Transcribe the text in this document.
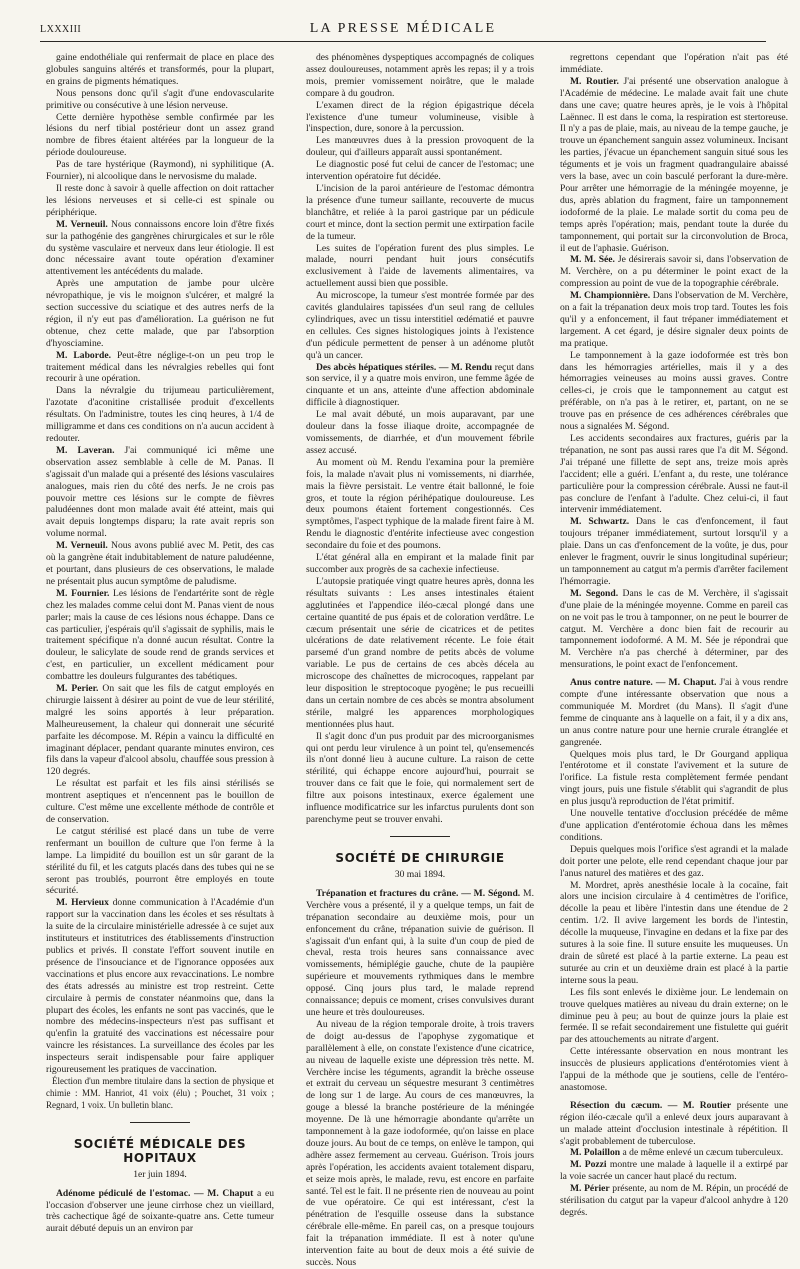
LXXXIII	LA PRESSE MÉDICALE

gaine endothéliale qui renfermait de place en place des globules sanguins altérés et transformés, pour la plupart, en grains de pigments hématiques.

Nous pensons donc qu'il s'agit d'une endovascularite primitive ou consécutive à une lésion nerveuse.

Cette dernière hypothèse semble confirmée par les lésions du nerf tibial postérieur dont un assez grand nombre de fibres étaient altérées par la longueur de la période douloureuse.

Pas de tare hystérique (Raymond), ni syphilitique (A. Fournier), ni alcoolique dans le nervosisme du malade.

Il reste donc à savoir à quelle affection on doit rattacher les lésions nerveuses et si celle-ci est spinale ou périphérique.

M. Verneuil. Nous connaissons encore loin d'être fixés sur la pathogénie des gangrènes chirurgicales et sur le rôle du système vasculaire et nerveux dans leur étiologie. Il est donc nécessaire avant toute opération d'examiner attentivement les antécédents du malade.

Après une amputation de jambe pour ulcère névropathique, je vis le moignon s'ulcérer, et malgré la section successive du sciatique et des autres nerfs de la région, il n'y eut pas d'amélioration. La guérison ne fut obtenue, chez cette malade, que par l'absorption d'hyosciamine.

M. Laborde. Peut-être néglige-t-on un peu trop le traitement médical dans les névralgies rebelles qui font recourir à une opération.

Dans la névralgie du trijumeau particulièrement, l'azotate d'aconitine cristallisée produit d'excellents résultats. On l'administre, toutes les cinq heures, à 1/4 de milligramme et dans ces conditions on n'a aucun accident à redouter.

M. Laveran. J'ai communiqué ici même une observation assez semblable à celle de M. Panas. Il s'agissait d'un malade qui a présenté des lésions vasculaires analogues, mais rien du côté des nerfs. Je ne crois pas pouvoir mettre ces lésions sur le compte de fièvres paludéennes dont mon malade avait été atteint, mais qui avait depuis longtemps disparu; la rate avait repris son volume normal.

M. Verneuil. Nous avons publié avec M. Petit, des cas où la gangrène était indubitablement de nature paludéenne, et pourtant, dans plusieurs de ces observations, le malade ne présentait plus aucun symptôme de paludisme.

M. Fournier. Les lésions de l'endartérite sont de règle chez les malades comme celui dont M. Panas vient de nous parler; mais la cause de ces lésions nous échappe. Dans ce cas particulier, j'espérais qu'il s'agissait de syphilis, mais le traitement spécifique n'a donné aucun résultat. Contre la douleur, le salicylate de soude rend de grands services et c'est, en particulier, un excellent médicament pour combattre les douleurs fulgurantes des tabétiques.

M. Perier. On sait que les fils de catgut employés en chirurgie laissent à désirer au point de vue de leur stérilité, malgré les soins apportés à leur préparation. Malheureusement, la chaleur qui donnerait une sécurité parfaite les décompose. M. Répin a vaincu la difficulté en imaginant déplacer, pendant quarante minutes environ, ces fils dans la vapeur d'alcool absolu, chauffée sous pression à 120 degrés.

Le résultat est parfait et les fils ainsi stérilisés se montrent aseptiques et n'encennent pas le bouillon de culture. C'est même une excellente méthode de contrôle et de conservation.

Le catgut stérilisé est placé dans un tube de verre renfermant un bouillon de culture que l'on ferme à la lampe. La limpidité du bouillon est un sûr garant de la stérilité du fil, et les catguts placés dans des tubes qui ne se seront pas troublés, pourront être employés en toute sécurité.

M. Hervieux donne communication à l'Académie d'un rapport sur la vaccination dans les écoles et ses résultats à la suite de la circulaire ministérielle adressée à ce sujet aux instituteurs et institutrices des établissements d'instruction publics et privés. Il constate l'effort souvent inutile en présence de l'insouciance et de l'ignorance opposées aux vaccinations et plus encore aux revaccinations. Le nombre des états adressés au ministre est trop restreint. Cette circulaire à permis de constater néanmoins que, dans la plupart des écoles, les enfants ne sont pas vaccinés, que le nombre des médecins-inspecteurs n'est pas suffisant et qu'enfin la gratuité des vaccinations est nécessaire pour vaincre les résistances. La surveillance des écoles par les inspecteurs serait indispensable pour faire appliquer rigoureusement les pratiques de vaccination.

Élection d'un membre titulaire dans la section de physique et chimie : MM. Hanriot, 41 voix (élu) ; Pouchet, 31 voix ; Regnard, 1 voix. Un bulletin blanc.

SOCIÉTÉ MÉDICALE DES HOPITAUX
1er juin 1894.

Adénome pédiculé de l'estomac. — M. Chaput a eu l'occasion d'observer une jeune cirrhose chez un vieillard, très cachectique âgé de soixante-quatre ans. Cette tumeur aurait débuté depuis un an environ par

des phénomènes dyspeptiques accompagnés de coliques assez douloureuses, notamment après les repas; il y a trois mois, premier vomissement noirâtre, que le malade compare à du goudron.

L'examen direct de la région épigastrique décela l'existence d'une tumeur volumineuse, visible à l'inspection, dure, sonore à la percussion.

Les manœuvres dues à la pression provoquent de la douleur, qui d'ailleurs apparaît aussi spontanément.

Le diagnostic posé fut celui de cancer de l'estomac; une intervention opératoire fut décidée.

L'incision de la paroi antérieure de l'estomac démontra la présence d'une tumeur saillante, recouverte de mucus blanchâtre, et reliée à la paroi gastrique par un pédicule court et mince, dont la section permit une extirpation facile de la tumeur.

Les suites de l'opération furent des plus simples. Le malade, nourri pendant huit jours consécutifs exclusivement à l'aide de lavements alimentaires, va actuellement aussi bien que possible.

Au microscope, la tumeur s'est montrée formée par des cavités glandulaires tapissées d'un seul rang de cellules cylindriques, avec un tissu interstitiel œdématié et pauvre en cellules. Ces signes histologiques joints à l'existence d'un pédicule permettent de penser à un adénome plutôt qu'à un cancer.

Des abcès hépatiques stériles. — M. Rendu reçut dans son service, il y a quatre mois environ, une femme âgée de cinquante et un ans, atteinte d'une affection abdominale difficile à diagnostiquer.

Le mal avait débuté, un mois auparavant, par une douleur dans la fosse iliaque droite, accompagnée de vomissements, de diarrhée, et d'un mouvement fébrile assez accusé.

Au moment où M. Rendu l'examina pour la première fois, la malade n'avait plus ni vomissements, ni diarrhée, mais la fièvre persistait. Le ventre était ballonné, le foie gros, et toute la région périhépatique douloureuse. Les deux poumons étaient fortement congestionnés. Ces symptômes, l'aspect typhique de la malade firent faire à M. Rendu le diagnostic d'entérite infectieuse avec congestion secondaire du foie et des poumons.

L'état général alla en empirant et la malade finit par succomber aux progrès de sa cachexie infectieuse.

L'autopsie pratiquée vingt quatre heures après, donna les résultats suivants : Les anses intestinales étaient agglutinées et l'appendice iléo-cæcal plongé dans une certaine quantité de pus épais et de coloration verdâtre. Le cæcum présentait une série de cicatrices et de petites ulcérations de date relativement récente. Le foie était parsemé d'un grand nombre de petits abcès de volume variable. Le pus de certains de ces abcès décela au microscope des chaînettes de microcoques, rappelant par leur disposition le streptocoque pyogène; le pus recueilli dans un certain nombre de ces abcès se montra absolument stérile, malgré les apparences morphologiques mentionnées plus haut.

Il s'agit donc d'un pus produit par des microorganismes qui ont perdu leur virulence à un point tel, qu'ensemencés ils n'ont donné lieu à aucune culture. La raison de cette stérilité, qui échappe encore aujourd'hui, pourrait se trouver dans ce fait que le foie, qui normalement sert de filtre aux poisons intestinaux, exerce également une influence modificatrice sur les infarctus purulents dont son parenchyme peut se trouver envahi.

SOCIÉTÉ DE CHIRURGIE
30 mai 1894.

Trépanation et fractures du crâne. — M. Ségond. M. Verchère vous a présenté, il y a quelque temps, un fait de trépanation secondaire au deuxième mois, pour un enfoncement du crâne, trépanation suivie de guérison. Il s'agissait d'un enfant qui, à la suite d'un coup de pied de cheval, resta trois heures sans connaissance avec vomissements, hémiplégie gauche, chute de la paupière supérieure et mouvements rythmiques dans le membre opposé. Cinq jours plus tard, le malade reprend connaissance; depuis ce moment, crises convulsives durant une heure et très douloureuses.

Au niveau de la région temporale droite, à trois travers de doigt au-dessus de l'apophyse zygomatique et parallèlement à elle, on constate l'existence d'une cicatrice, au niveau de laquelle existe une dépression très nette. M. Verchère incise les téguments, agrandit la brèche osseuse et extrait du cerveau un séquestre mesurant 3 centimètres de long sur 1 de large. Au cours de ces manœuvres, la gouge a blessé la branche postérieure de la méningée moyenne. De là une hémorragie abondante qu'arrête un tamponnement à la gaze iodoformée, qu'on laisse en place douze jours. Au bout de ce temps, on enlève le tampon, qui adhère assez fermement au cerveau. Guérison. Trois jours après l'opération, les accidents avaient totalement disparu, et seize mois après, le malade, revu, est encore en parfaite santé. Tel est le fait. Il ne présente rien de nouveau au point de vue opératoire. Ce qui est intéressant, c'est la pénétration de l'esquille osseuse dans la substance cérébrale elle-même. En pareil cas, on a presque toujours fait la trépanation immédiate. Il est à noter qu'une intervention faite au bout de deux mois a été suivie de succès. Nous

regrettons cependant que l'opération n'ait pas été immédiate.

M. Routier. J'ai présenté une observation analogue à l'Académie de médecine. Le malade avait fait une chute dans une cave; quatre heures après, je le vois à l'hôpital Laënnec. Il est dans le coma, la respiration est stertoreuse. Il n'y a pas de plaie, mais, au niveau de la tempe gauche, je trouve un épanchement sanguin assez volumineux. Incisant les parties, j'évacue un épanchement sanguin situé sous les téguments et je vois un fragment quadrangulaire abaissé vers la base, avec un coin basculé perforant la dure-mère. Pour arrêter une hémorragie de la méningée moyenne, je dus, après ablation du fragment, faire un tamponnement iodoformé de la plaie. Le malade sortit du coma peu de temps après l'opération; mais, pendant toute la durée du tamponnement, qui portait sur la circonvolution de Broca, il eut de l'aphasie. Guérison.

M. M. Sée. Je désirerais savoir si, dans l'observation de M. Verchère, on a pu déterminer le point exact de la compression au point de vue de la topographie cérébrale.

M. Championnière. Dans l'observation de M. Verchère, on a fait la trépanation deux mois trop tard. Toutes les fois qu'il y a enfoncement, il faut trépaner immédiatement et largement. A cet égard, je désire signaler deux points de ma pratique.

Le tamponnement à la gaze iodoformée est très bon dans les hémorragies artérielles, mais il y a des hémorragies veineuses au moins aussi graves. Contre celles-ci, je crois que le tamponnement au catgut est préférable, on n'a pas à le retirer, et, partant, on ne se trouve pas en présence de ces adhérences cérébrales que nous a signalées M. Ségond.

Les accidents secondaires aux fractures, guéris par la trépanation, ne sont pas aussi rares que l'a dit M. Ségond. J'ai trépané une fillette de sept ans, treize mois après l'accident; elle a guéri. L'enfant a, du reste, une tolérance particulière pour la compression cérébrale. Aussi ne faut-il pas conclure de l'enfant à l'adulte. Chez celui-ci, il faut intervenir immédiatement.

M. Schwartz. Dans le cas d'enfoncement, il faut toujours trépaner immédiatement, surtout lorsqu'il y a plaie. Dans un cas d'enfoncement de la voûte, je dus, pour enlever le fragment, ouvrir le sinus longitudinal supérieur; un tamponnement au catgut m'a permis d'arrêter facilement l'hémorragie.

M. Segond. Dans le cas de M. Verchère, il s'agissait d'une plaie de la méningée moyenne. Comme en pareil cas on ne voit pas le trou à tamponner, on ne peut le bourrer de catgut. M. Verchère a donc bien fait de recourir au tamponnement iodoformé. A M. M. Sée je répondrai que M. Verchère n'a pas cherché à déterminer, par des mensurations, le point exact de l'enfoncement.

Anus contre nature. — M. Chaput. J'ai à vous rendre compte d'une intéressante observation que nous a communiquée M. Mordret (du Mans). Il s'agit d'une femme de cinquante ans à laquelle on a fait, il y a dix ans, un anus contre nature pour une hernie crurale étranglée et gangrenée.

Quelques mois plus tard, le Dr Gourgand appliqua l'entérotome et il constate l'avivement et la suture de l'orifice. La fistule resta complètement fermée pendant vingt jours, puis une fistule s'établit qui s'agrandit de plus en plus jusqu'à reproduction de l'état primitif.

Une nouvelle tentative d'occlusion précédée de même d'une application d'entérotomie échoua dans les mêmes conditions.

Depuis quelques mois l'orifice s'est agrandi et la malade doit porter une pelote, elle rend cependant chaque jour par l'anus naturel des matières et des gaz.

M. Mordret, après anesthésie locale à la cocaïne, fait alors une incision circulaire à 4 centimètres de l'orifice, décolle la peau et libère l'intestin dans une étendue de 2 centim. 1/2. Il avive largement les bords de l'intestin, décolle la muqueuse, l'invagine en dedans et la fixe par des sutures à la soie fine. Il suture ensuite les muqueuses. Un drain de sûreté est placé à la partie externe. La peau est suturée au crin et un deuxième drain est placé à la partie interne sous la peau.

Les fils sont enlevés le dixième jour. Le lendemain on trouve quelques matières au niveau du drain externe; on le diminue peu à peu; au bout de quinze jours la plaie est fermée. Il se refait secondairement une fistulette qui guérit par des attouchements au nitrate d'argent.

Cette intéressante observation en nous montrant les insuccès de plusieurs applications d'entérotomies vient à l'appui de la méthode que je soutiens, celle de l'entéro-anastomose.

Résection du cæcum. — M. Routier présente une région iléo-cæcale qu'il a enlevé deux jours auparavant à un malade atteint d'occlusion intestinale à répétition. Il s'agit probablement de tuberculose.

M. Polaillon a de même enlevé un cæcum tuberculeux.

M. Pozzi montre une malade à laquelle il a extirpé par la voie sacrée un cancer haut placé du rectum.

M. Périer présente, au nom de M. Répin, un procédé de stérilisation du catgut par la vapeur d'alcool anhydre à 120 degrés.
